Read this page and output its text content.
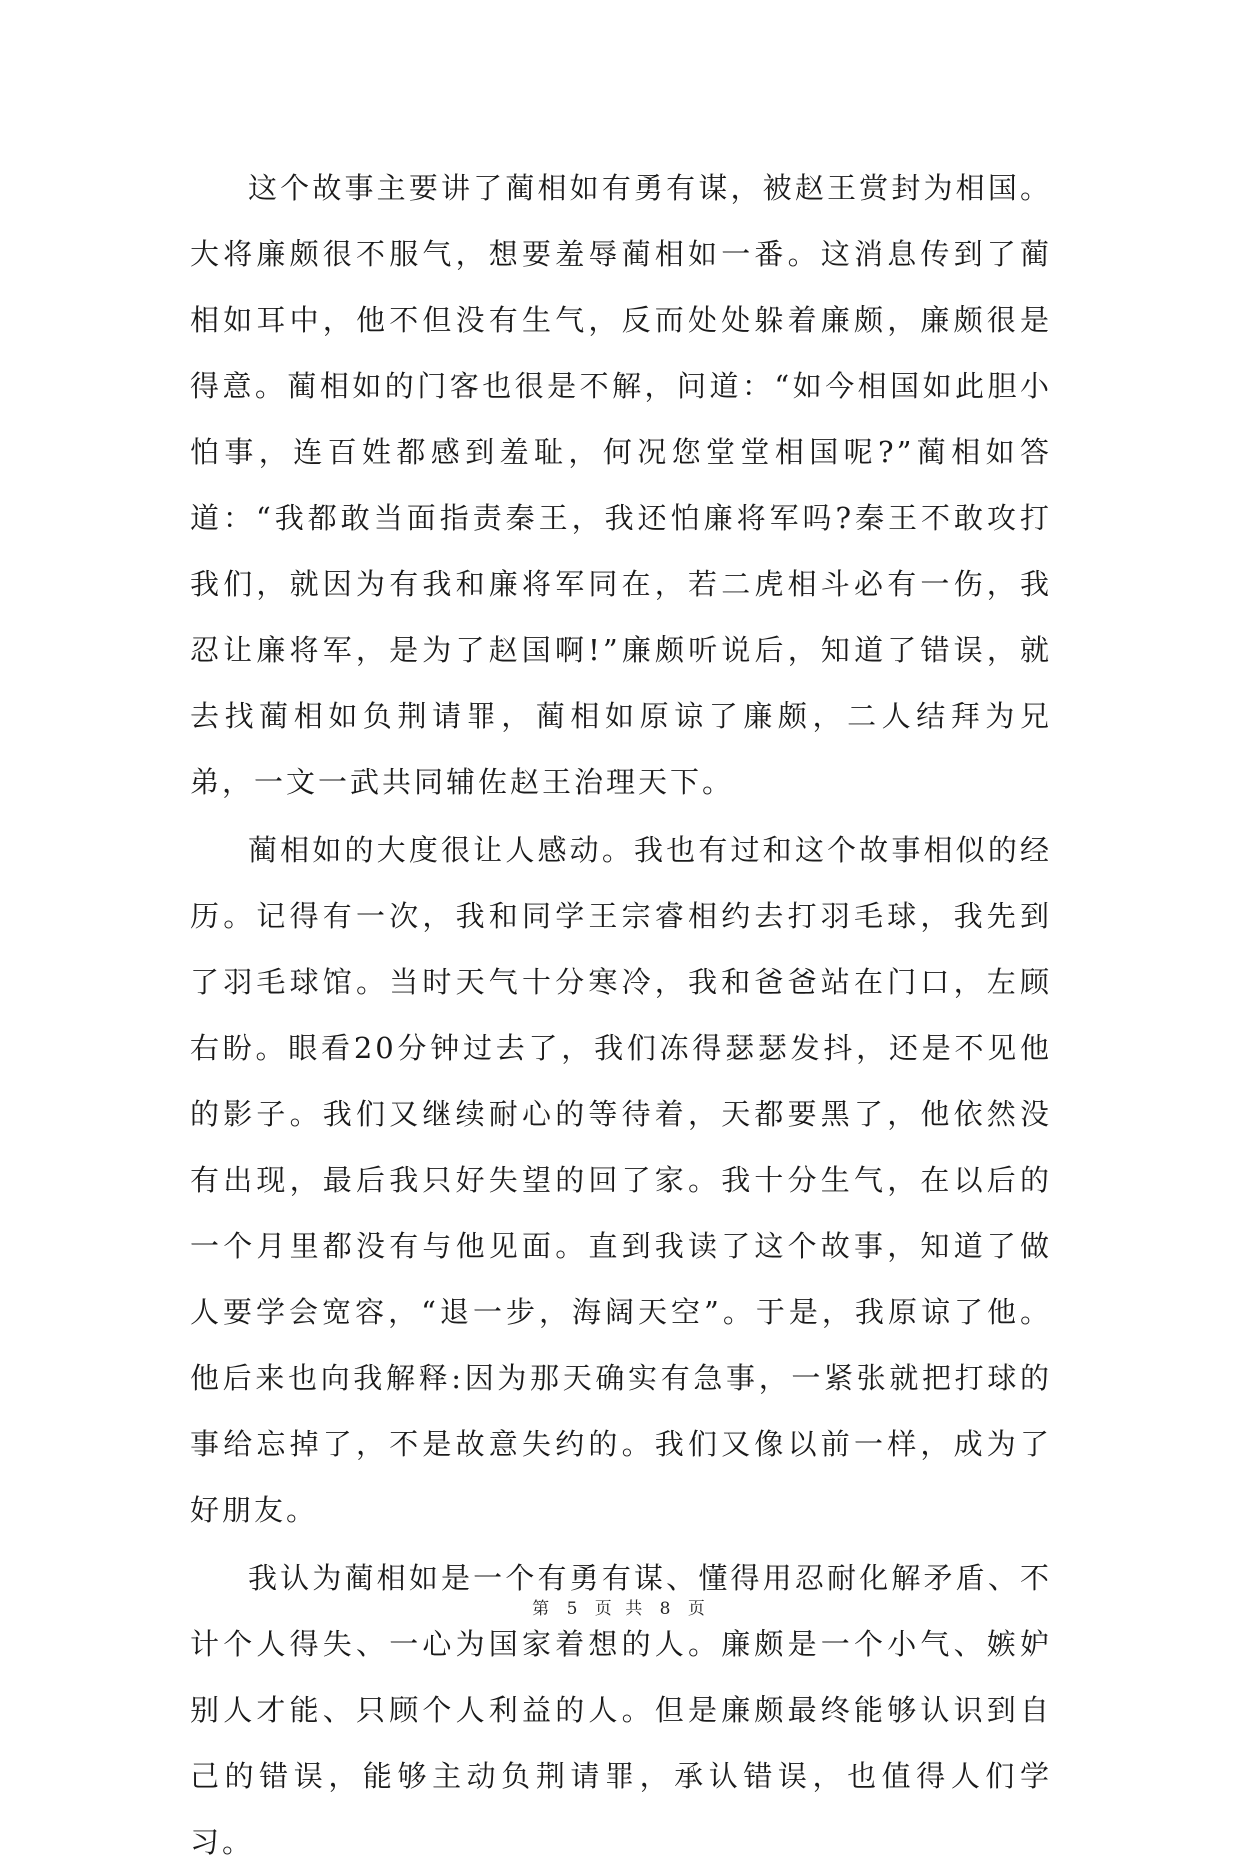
这个故事主要讲了蔺相如有勇有谋，被赵王赏封为相国。大将廉颇很不服气，想要羞辱蔺相如一番。这消息传到了蔺相如耳中，他不但没有生气，反而处处躲着廉颇，廉颇很是得意。蔺相如的门客也很是不解，问道：“如今相国如此胆小怕事，连百姓都感到羞耻，何况您堂堂相国呢?”蔺相如答道：“我都敢当面指责秦王，我还怕廉将军吗?秦王不敢攻打我们，就因为有我和廉将军同在，若二虎相斗必有一伤，我忍让廉将军，是为了赵国啊!”廉颇听说后，知道了错误，就去找蔺相如负荆请罪，蔺相如原谅了廉颇，二人结拜为兄弟，一文一武共同辅佐赵王治理天下。

蔺相如的大度很让人感动。我也有过和这个故事相似的经历。记得有一次，我和同学王宗睿相约去打羽毛球，我先到了羽毛球馆。当时天气十分寒冷，我和爸爸站在门口，左顾右盼。眼看20分钟过去了，我们冻得瑟瑟发抖，还是不见他的影子。我们又继续耐心的等待着，天都要黑了，他依然没有出现，最后我只好失望的回了家。我十分生气，在以后的一个月里都没有与他见面。直到我读了这个故事，知道了做人要学会宽容，“退一步，海阔天空”。于是，我原谅了他。他后来也向我解释:因为那天确实有急事，一紧张就把打球的事给忘掉了，不是故意失约的。我们又像以前一样，成为了好朋友。

我认为蔺相如是一个有勇有谋、懂得用忍耐化解矛盾、不计个人得失、一心为国家着想的人。廉颇是一个小气、嫉妒别人才能、只顾个人利益的人。但是廉颇最终能够认识到自己的错误，能够主动负荆请罪，承认错误，也值得人们学习。

第 5 页 共 8 页
